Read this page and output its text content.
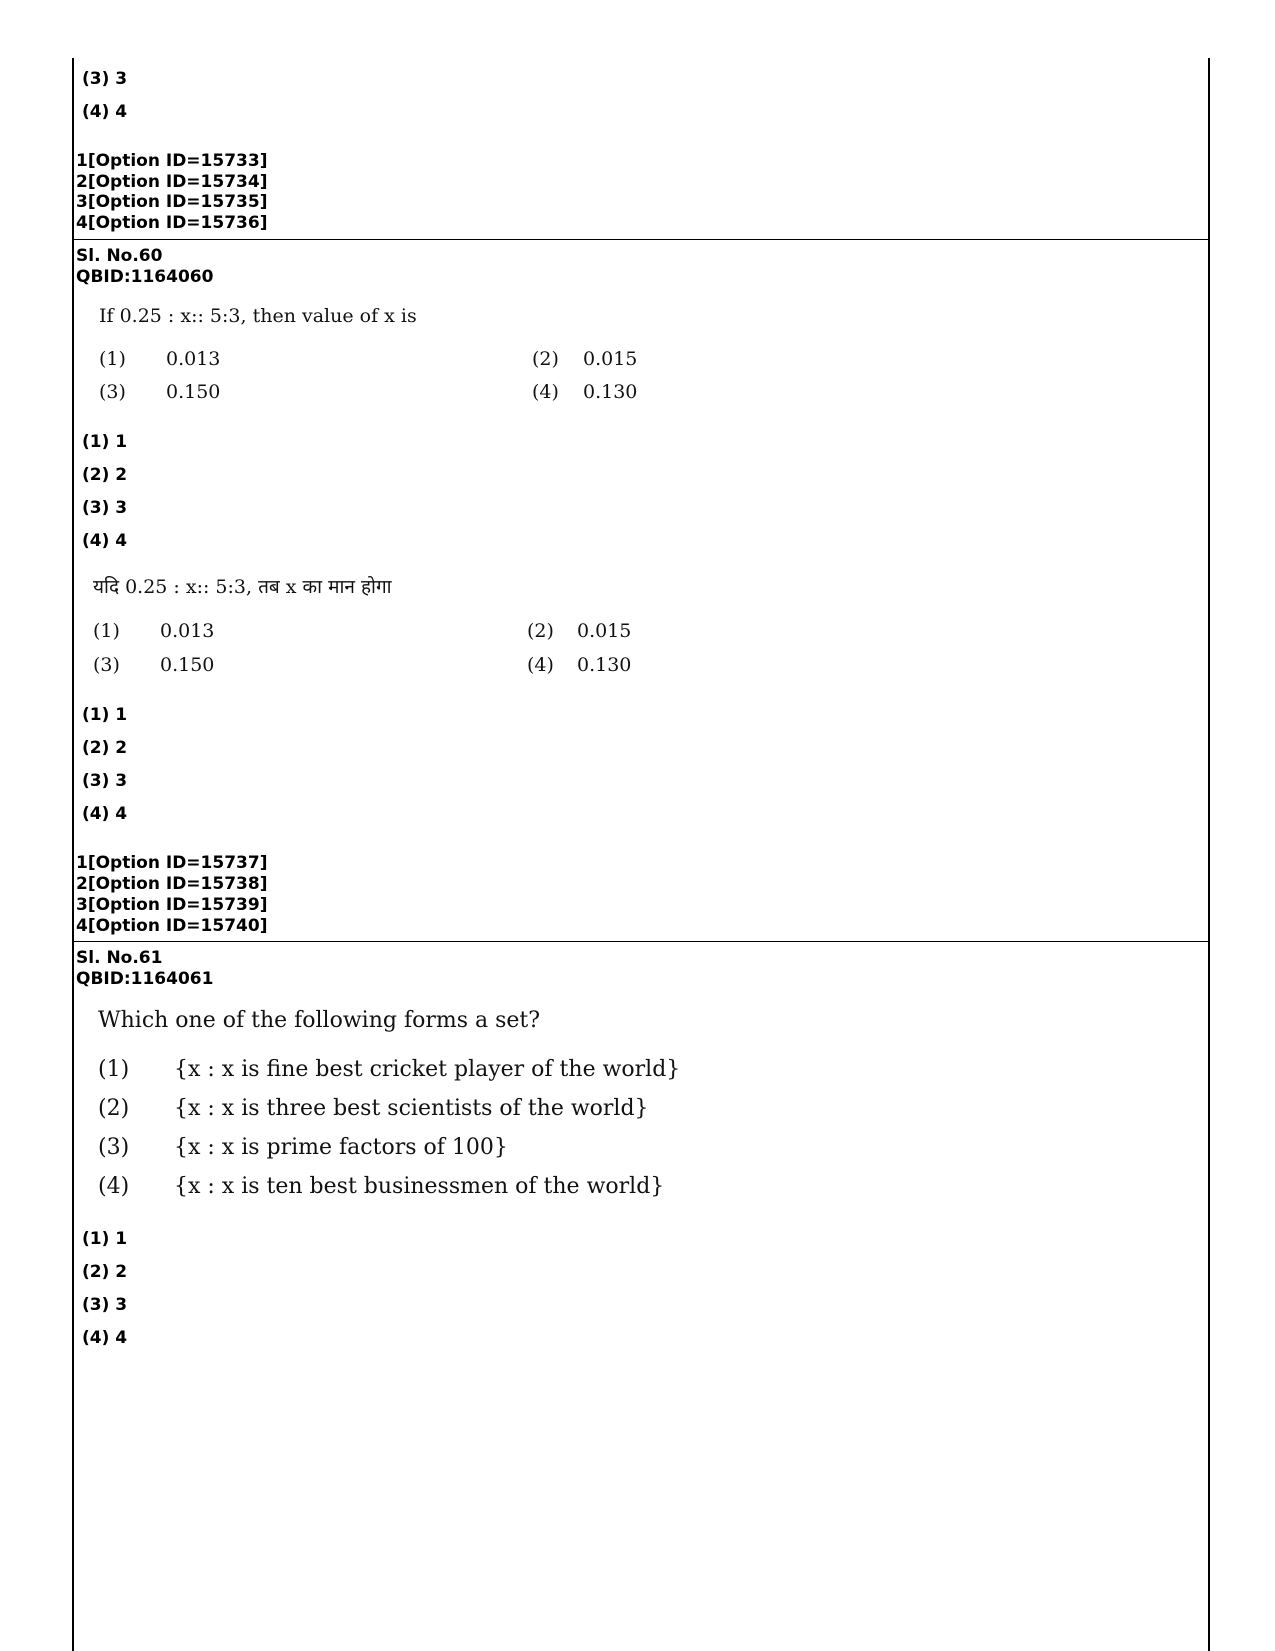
(3) 3
(4) 4
1[Option ID=15733]
2[Option ID=15734]
3[Option ID=15735]
4[Option ID=15736]
Sl. No.60
QBID:1164060
If 0.25 : x:: 5:3, then value of x is
(1) 0.013	(2) 0.015
(3) 0.150	(4) 0.130
(1) 1
(2) 2
(3) 3
(4) 4
यदि 0.25 : x:: 5:3, तब x का मान होगा
(1) 0.013	(2) 0.015
(3) 0.150	(4) 0.130
(1) 1
(2) 2
(3) 3
(4) 4
1[Option ID=15737]
2[Option ID=15738]
3[Option ID=15739]
4[Option ID=15740]
Sl. No.61
QBID:1164061
Which one of the following forms a set?
(1) {x : x is fine best cricket player of the world}
(2) {x : x is three best scientists of the world}
(3) {x : x is prime factors of 100}
(4) {x : x is ten best businessmen of the world}
(1) 1
(2) 2
(3) 3
(4) 4
